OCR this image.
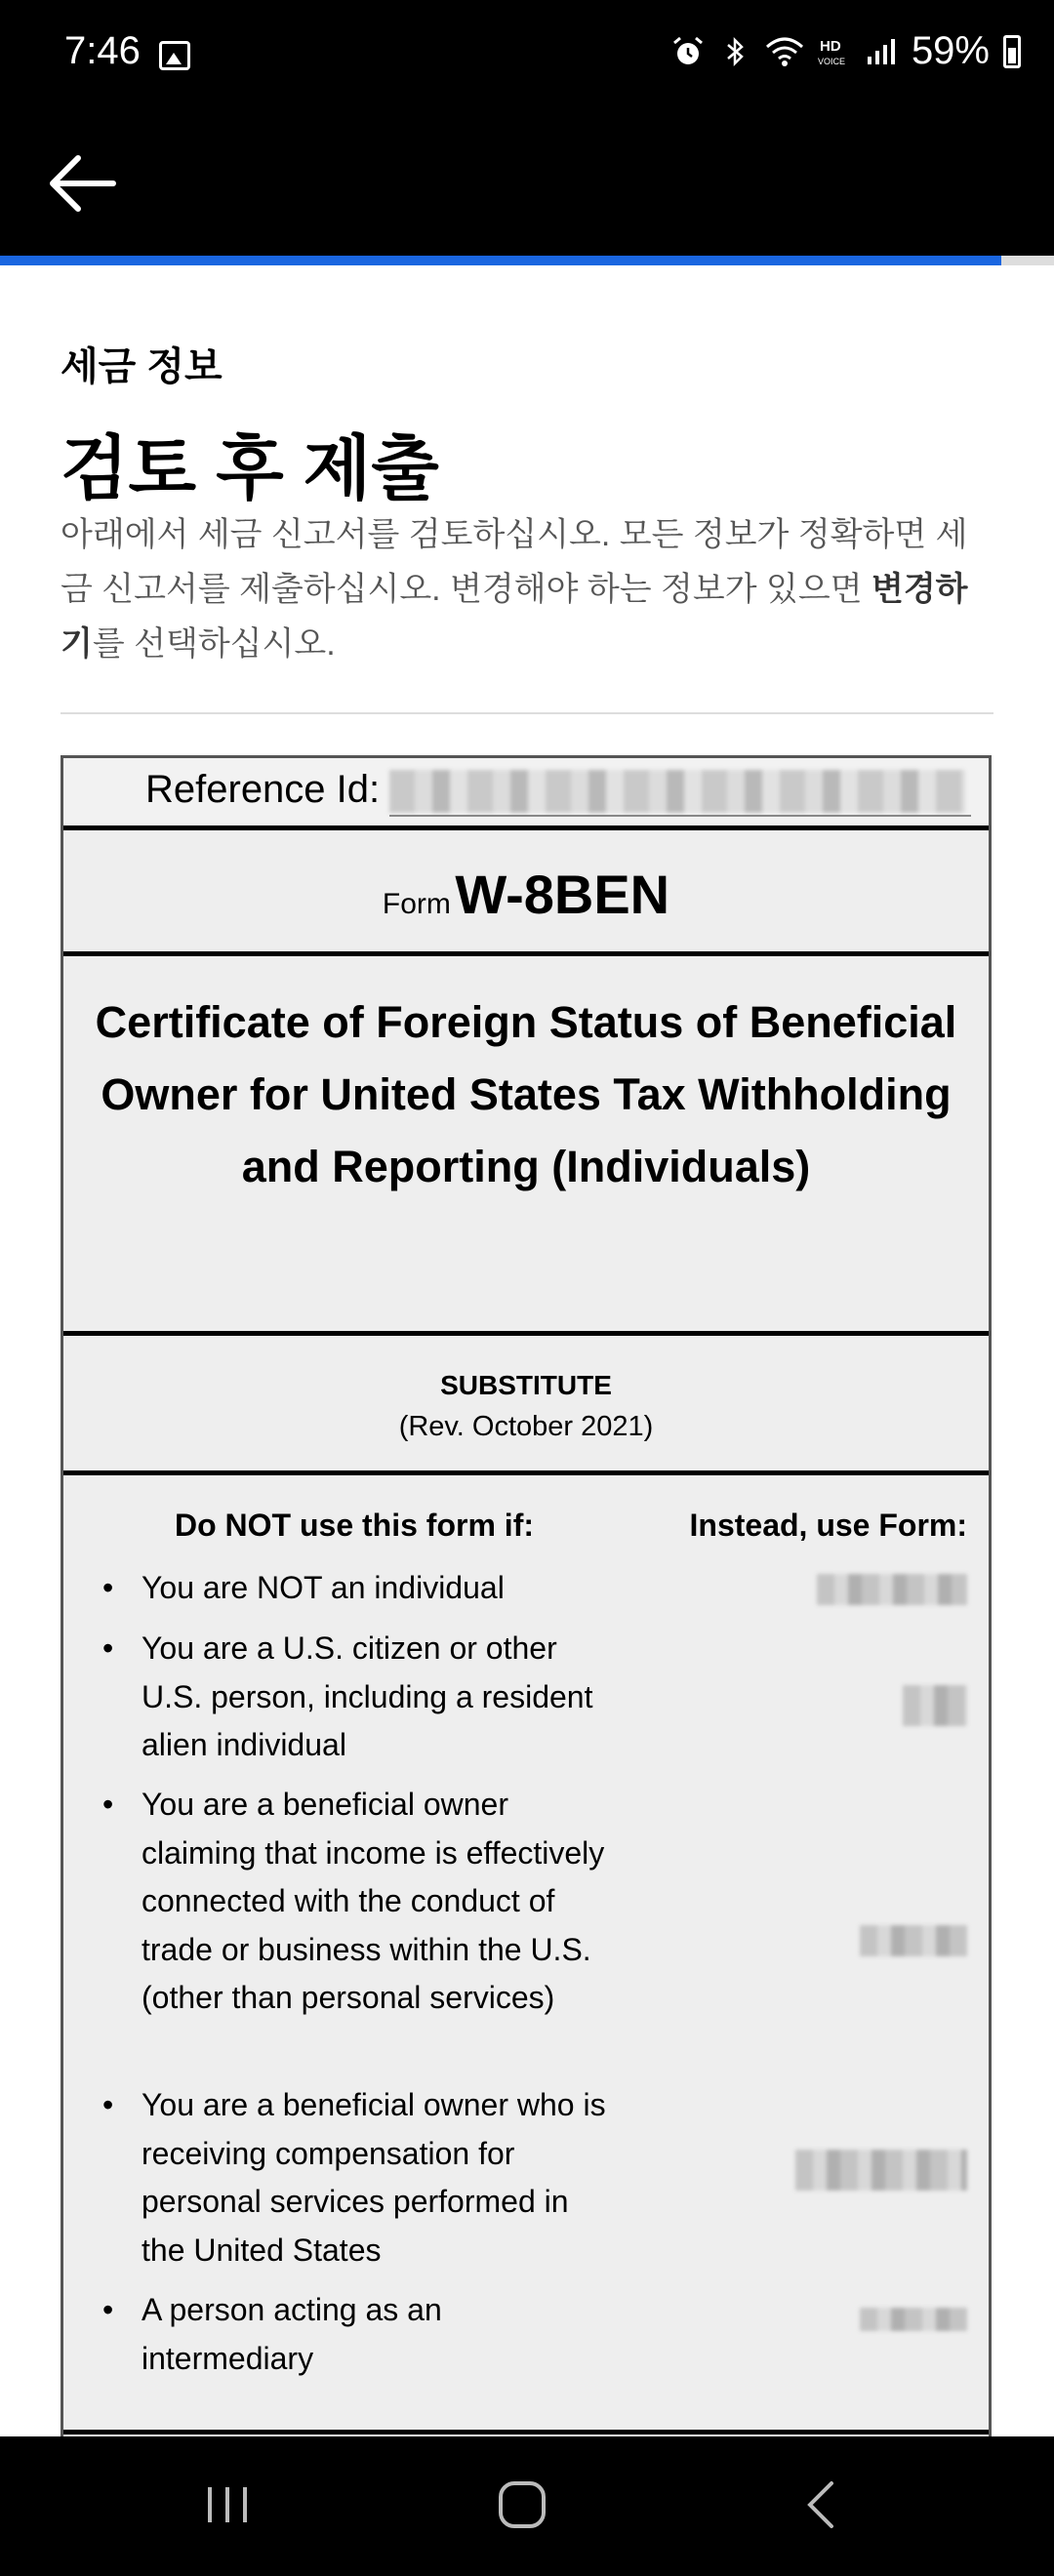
7:46	HD
VOICE 59%
세금 정보
검토 후 제출

아래에서 세금 신고서를 검토하십시오. 모든 정보가 정확하면 세금 신고서를 제출하십시오. 변경해야 하는 정보가 있으면 변경하기를 선택하십시오.

Reference Id:
Form W-8BEN
Certificate of Foreign Status of Beneficial Owner for United States Tax Withholding and Reporting (Individuals)
SUBSTITUTE
(Rev. October 2021)
Do NOT use this form if:	Instead, use Form:
• You are NOT an individual
• You are a U.S. citizen or other U.S. person, including a resident alien individual
• You are a beneficial owner claiming that income is effectively connected with the conduct of trade or business within the U.S. (other than personal services)
• You are a beneficial owner who is receiving compensation for personal services performed in the United States
• A person acting as an intermediary
